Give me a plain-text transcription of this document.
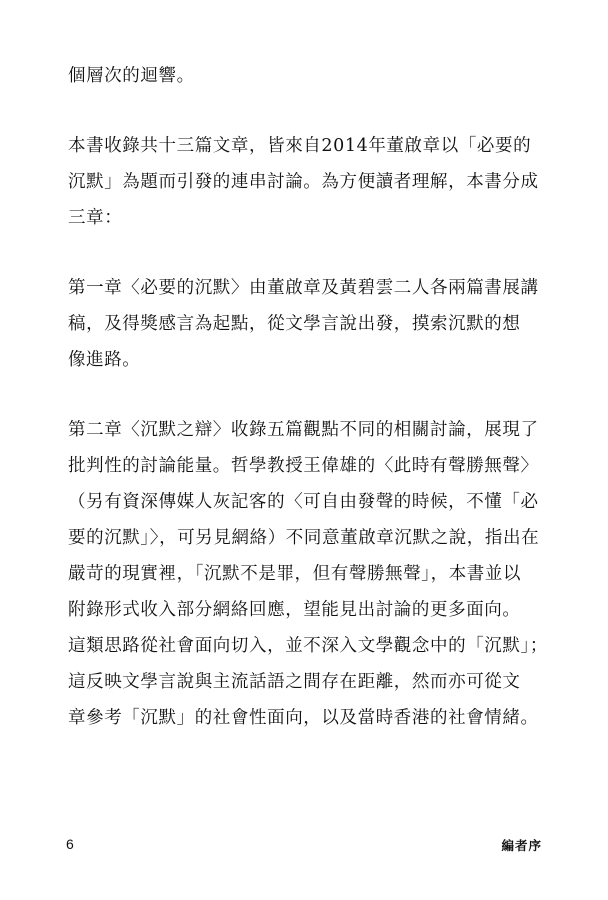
個層次的迴響。

本書收錄共十三篇文章，皆來自2014年董啟章以「必要的
沉默」為題而引發的連串討論。為方便讀者理解，本書分成
三章：

第一章〈必要的沉默〉由董啟章及黃碧雲二人各兩篇書展講
稿，及得獎感言為起點，從文學言說出發，摸索沉默的想
像進路。

第二章〈沉默之辯〉收錄五篇觀點不同的相關討論，展現了
批判性的討論能量。哲學教授王偉雄的〈此時有聲勝無聲〉
（另有資深傳媒人灰記客的〈可自由發聲的時候，不懂「必
要的沉默」〉，可另見網絡）不同意董啟章沉默之說，指出在
嚴苛的現實裡，「沉默不是罪，但有聲勝無聲」，本書並以
附錄形式收入部分網絡回應，望能見出討論的更多面向。
這類思路從社會面向切入，並不深入文學觀念中的「沉默」；
這反映文學言說與主流話語之間存在距離，然而亦可從文
章參考「沉默」的社會性面向，以及當時香港的社會情緒。

6	編者序
